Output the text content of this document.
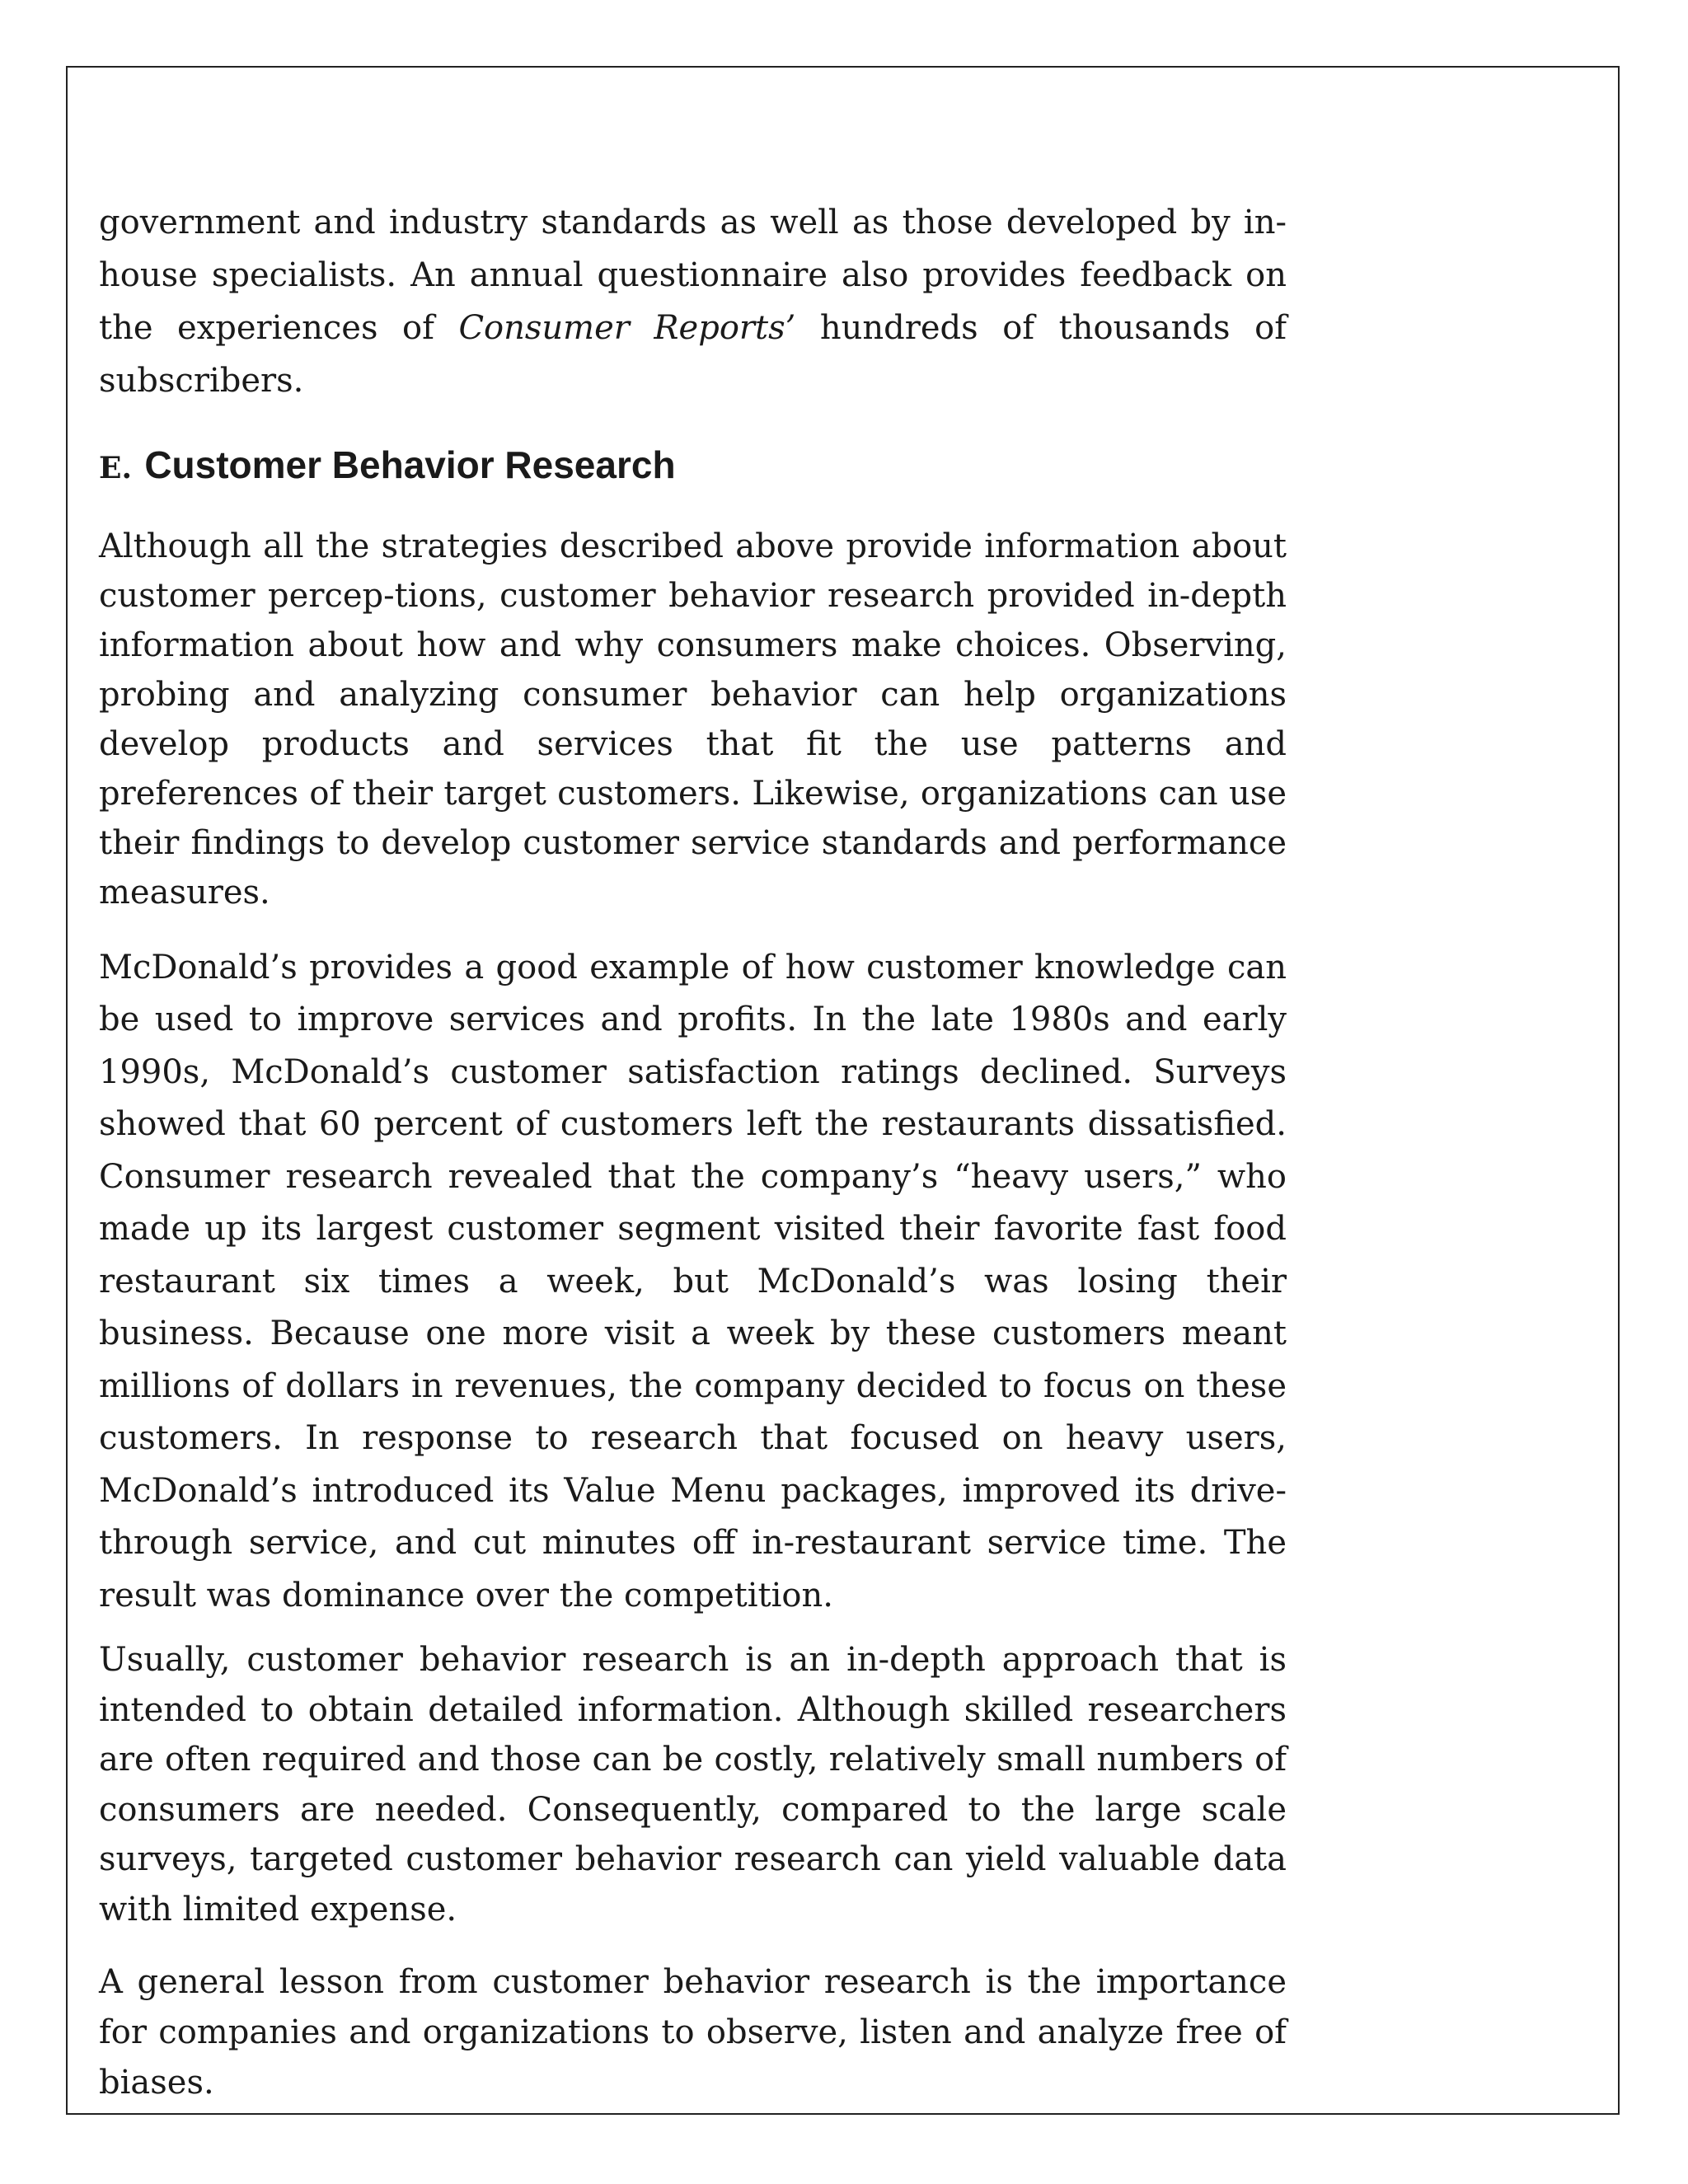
government and industry standards as well as those developed by in-house specialists. An annual questionnaire also provides feedback on the experiences of Consumer Reports’ hundreds of thousands of subscribers.

E. Customer Behavior Research

Although all the strategies described above provide information about customer percep-tions, customer behavior research provided in-depth information about how and why consumers make choices. Observing, probing and analyzing consumer behavior can help organizations develop products and services that fit the use patterns and preferences of their target customers. Likewise, organizations can use their findings to develop customer service standards and performance measures.

McDonald’s provides a good example of how customer knowledge can be used to improve services and profits. In the late 1980s and early 1990s, McDonald’s customer satisfaction ratings declined. Surveys showed that 60 percent of customers left the restaurants dissatisfied. Consumer research revealed that the company’s “heavy users,” who made up its largest customer segment visited their favorite fast food restaurant six times a week, but McDonald’s was losing their business. Because one more visit a week by these customers meant millions of dollars in revenues, the company decided to focus on these customers. In response to research that focused on heavy users, McDonald’s introduced its Value Menu packages, improved its drive-through service, and cut minutes off in-restaurant service time. The result was dominance over the competition.

Usually, customer behavior research is an in-depth approach that is intended to obtain detailed information. Although skilled researchers are often required and those can be costly, relatively small numbers of consumers are needed. Consequently, compared to the large scale surveys, targeted customer behavior research can yield valuable data with limited expense.

A general lesson from customer behavior research is the importance for companies and organizations to observe, listen and analyze free of biases.
